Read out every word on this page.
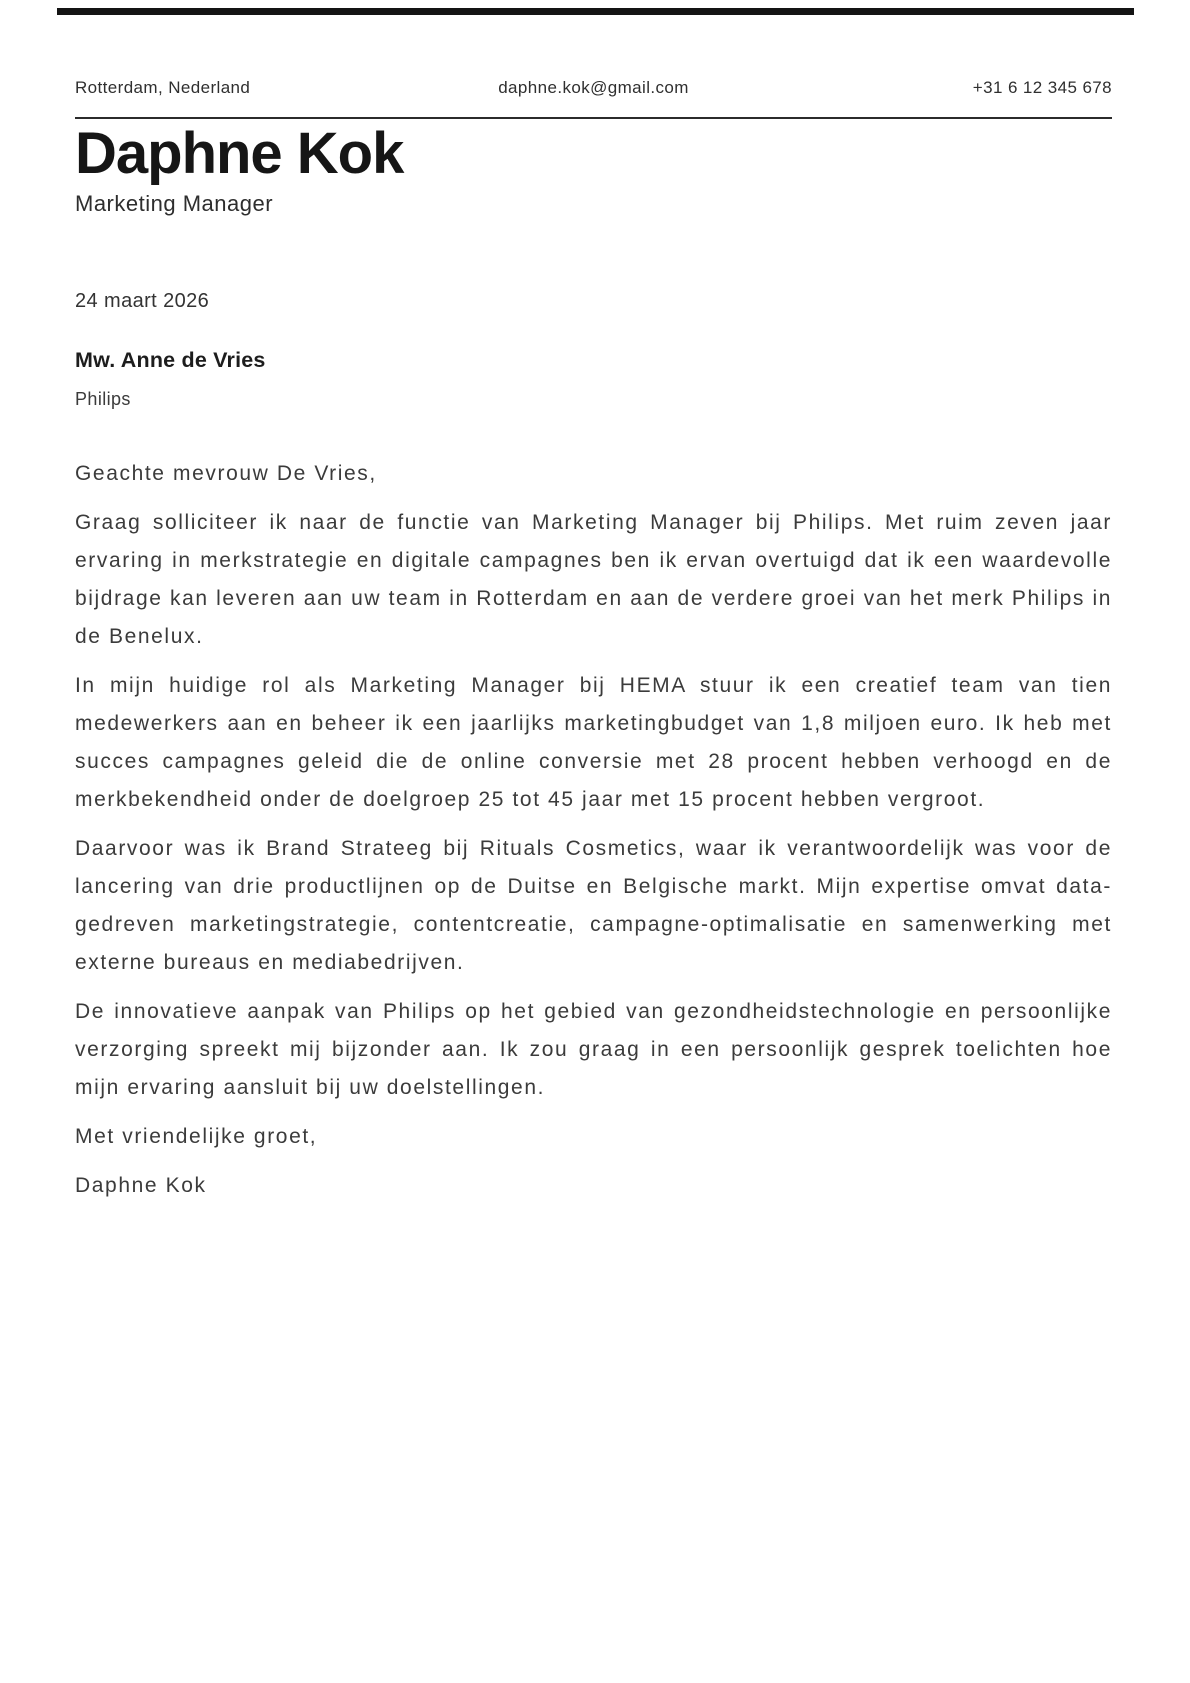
Rotterdam, Nederland	daphne.kok@gmail.com	+31 6 12 345 678
Daphne Kok
Marketing Manager
24 maart 2026
Mw. Anne de Vries
Philips

Geachte mevrouw De Vries,

Graag solliciteer ik naar de functie van Marketing Manager bij Philips. Met ruim zeven jaar ervaring in merkstrategie en digitale campagnes ben ik ervan overtuigd dat ik een waardevolle bijdrage kan leveren aan uw team in Rotterdam en aan de verdere groei van het merk Philips in de Benelux.

In mijn huidige rol als Marketing Manager bij HEMA stuur ik een creatief team van tien medewerkers aan en beheer ik een jaarlijks marketingbudget van 1,8 miljoen euro. Ik heb met succes campagnes geleid die de online conversie met 28 procent hebben verhoogd en de merkbekendheid onder de doelgroep 25 tot 45 jaar met 15 procent hebben vergroot.

Daarvoor was ik Brand Strateeg bij Rituals Cosmetics, waar ik verantwoordelijk was voor de lancering van drie productlijnen op de Duitse en Belgische markt. Mijn expertise omvat data-gedreven marketingstrategie, contentcreatie, campagne-optimalisatie en samenwerking met externe bureaus en mediabedrijven.

De innovatieve aanpak van Philips op het gebied van gezondheidstechnologie en persoonlijke verzorging spreekt mij bijzonder aan. Ik zou graag in een persoonlijk gesprek toelichten hoe mijn ervaring aansluit bij uw doelstellingen.

Met vriendelijke groet,

Daphne Kok
